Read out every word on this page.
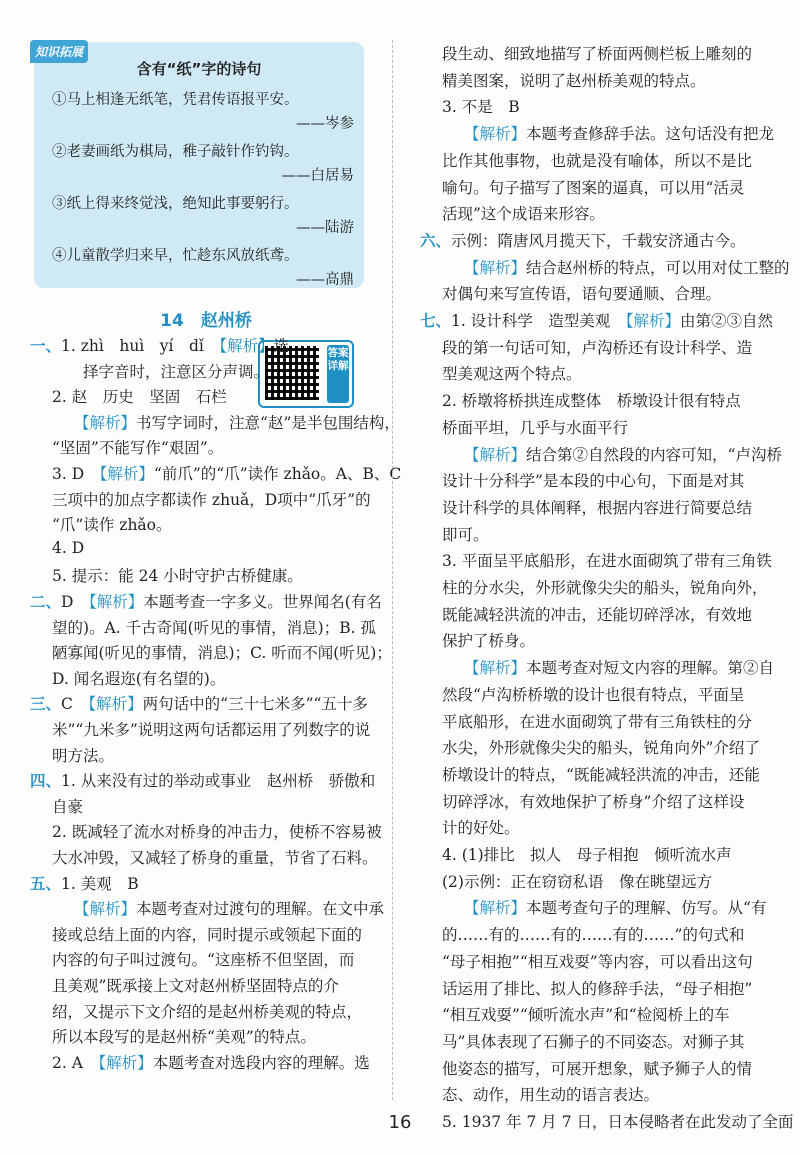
知识拓展
含有“纸”字的诗句
①马上相逢无纸笔，凭君传语报平安。
——岑参
②老妻画纸为棋局，稚子敲针作钓钩。
——白居易
③纸上得来终觉浅，绝知此事要躬行。
——陆游
④儿童散学归来早，忙趁东风放纸鸢。
——高鼎
14　赵州桥
答案详解
一、1. zhì　huì　yí　dǐ　【解析】选
　　择字音时，注意区分声调。
2. 赵　历史　坚固　石栏
【解析】书写字词时，注意“赵”是半包围结构，
“坚固”不能写作“艰固”。
3. D　【解析】“前爪”的“爪”读作 zhǎo。A、B、C
三项中的加点字都读作 zhuǎ，D项中“爪牙”的
“爪”读作 zhǎo。
4. D
5. 提示：能 24 小时守护古桥健康。
二、D　【解析】本题考查一字多义。世界闻名(有名
望的)。A. 千古奇闻(听见的事情，消息)；B. 孤
陋寡闻(听见的事情，消息)；C. 听而不闻(听见)；
D. 闻名遐迩(有名望的)。
三、C　【解析】两句话中的“三十七米多”“五十多
米”“九米多”说明这两句话都运用了列数字的说
明方法。
四、1. 从来没有过的举动或事业　赵州桥　骄傲和
自豪
2. 既减轻了流水对桥身的冲击力，使桥不容易被
大水冲毁，又减轻了桥身的重量，节省了石料。
五、1. 美观　B
【解析】本题考查对过渡句的理解。在文中承
接或总结上面的内容，同时提示或领起下面的
内容的句子叫过渡句。“这座桥不但坚固，而
且美观”既承接上文对赵州桥坚固特点的介
绍，又提示下文介绍的是赵州桥美观的特点，
所以本段写的是赵州桥“美观”的特点。
2. A　【解析】本题考查对选段内容的理解。选
段生动、细致地描写了桥面两侧栏板上雕刻的
精美图案，说明了赵州桥美观的特点。
3. 不是　B
【解析】本题考查修辞手法。这句话没有把龙
比作其他事物，也就是没有喻体，所以不是比
喻句。句子描写了图案的逼真，可以用“活灵
活现”这个成语来形容。
六、示例：隋唐风月揽天下，千载安济通古今。
【解析】结合赵州桥的特点，可以用对仗工整的
对偶句来写宣传语，语句要通顺、合理。
七、1. 设计科学　造型美观　【解析】由第②③自然
段的第一句话可知，卢沟桥还有设计科学、造
型美观这两个特点。
2. 桥墩将桥拱连成整体　桥墩设计很有特点
桥面平坦，几乎与水面平行
【解析】结合第②自然段的内容可知，“卢沟桥
设计十分科学”是本段的中心句，下面是对其
设计科学的具体阐释，根据内容进行简要总结
即可。
3. 平面呈平底船形，在进水面砌筑了带有三角铁
柱的分水尖，外形就像尖尖的船头，锐角向外，
既能减轻洪流的冲击，还能切碎浮冰，有效地
保护了桥身。
【解析】本题考查对短文内容的理解。第②自
然段“卢沟桥桥墩的设计也很有特点，平面呈
平底船形，在进水面砌筑了带有三角铁柱的分
水尖，外形就像尖尖的船头，锐角向外”介绍了
桥墩设计的特点，“既能减轻洪流的冲击，还能
切碎浮冰，有效地保护了桥身”介绍了这样设
计的好处。
4. (1)排比　拟人　母子相抱　倾听流水声
(2)示例：正在窃窃私语　像在眺望远方
【解析】本题考查句子的理解、仿写。从“有
的……有的……有的……有的……”的句式和
“母子相抱”“相互戏耍”等内容，可以看出这句
话运用了排比、拟人的修辞手法，“母子相抱”
“相互戏耍”“倾听流水声”和“检阅桥上的车
马”具体表现了石狮子的不同姿态。对狮子其
他姿态的描写，可展开想象，赋予狮子人的情
态、动作，用生动的语言表达。
5. 1937 年 7 月 7 日，日本侵略者在此发动了全面
16
